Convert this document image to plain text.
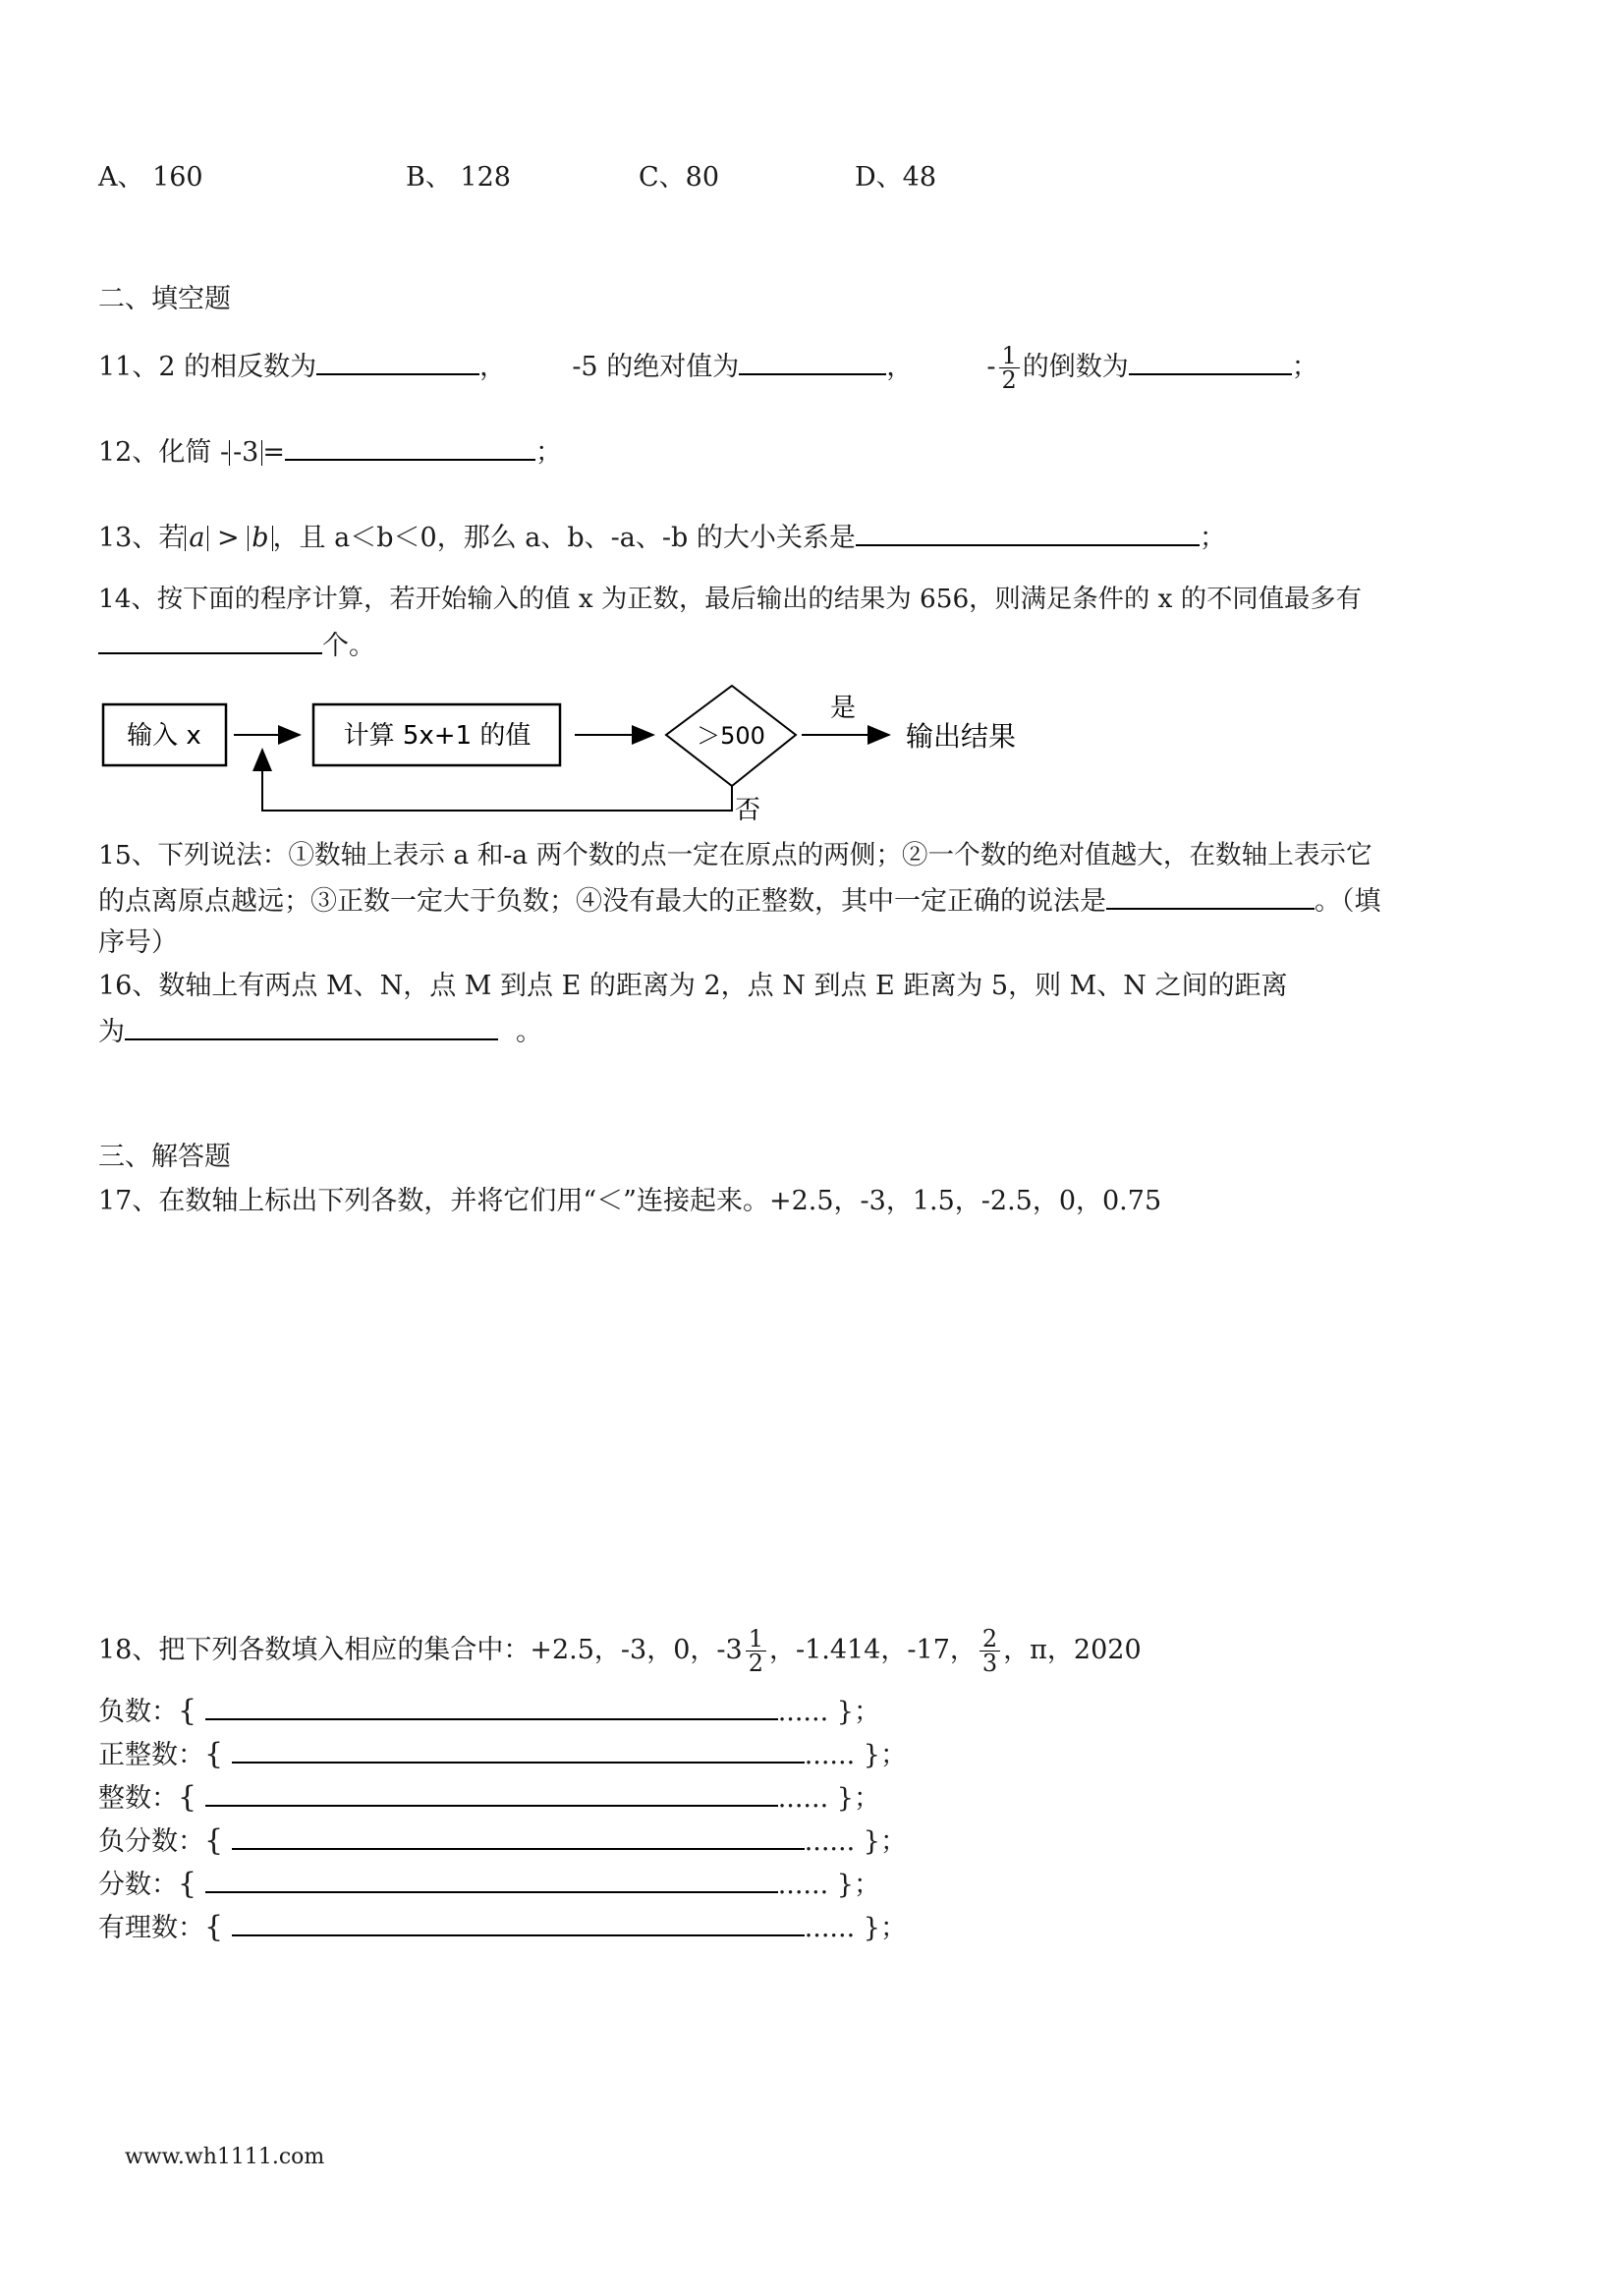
A、 160	B、 128	C、80	D、48
二、填空题
11、2 的相反数为	， -5 的绝对值为	，	- $\frac{1}{2}$ 的倒数为	；
12、化简 - -3 =	；
13、若 a > b ，且 a＜b＜0，那么 a、b、-a、-b 的大小关系是	；
14、按下面的程序计算，若开始输入的值 x 为正数，最后输出的结果为 656，则满足条件的 x 的不同值最多有
个。
输入 x	计算 5x+1 的值	＞500
是
输出结果
否
15、下列说法：①数轴上表示 a 和-a 两个数的点一定在原点的两侧；②一个数的绝对值越大，在数轴上表示它
的点离原点越远；③正数一定大于负数；④没有最大的正整数，其中一定正确的说法是	。（填
序号）
16、数轴上有两点 M、N，点 M 到点 E 的距离为 2，点 N 到点 E 距离为 5，则 M、N 之间的距离
为	。
三、解答题
17、在数轴上标出下列各数，并将它们用“＜”连接起来。+2.5，-3，1.5，-2.5，0，0.75
18、把下列各数填入相应的集合中：+2.5，-3，0，$-3 \frac{1}{2}$ ，-1.414，-17， $\frac{2}{3}$ ，π，2020
负数：{	...... }；
正整数：{	...... }；
整数：{	...... }；
负分数：{	...... }；
分数：{	...... }；
有理数：{	...... }；
www.wh1111.com
